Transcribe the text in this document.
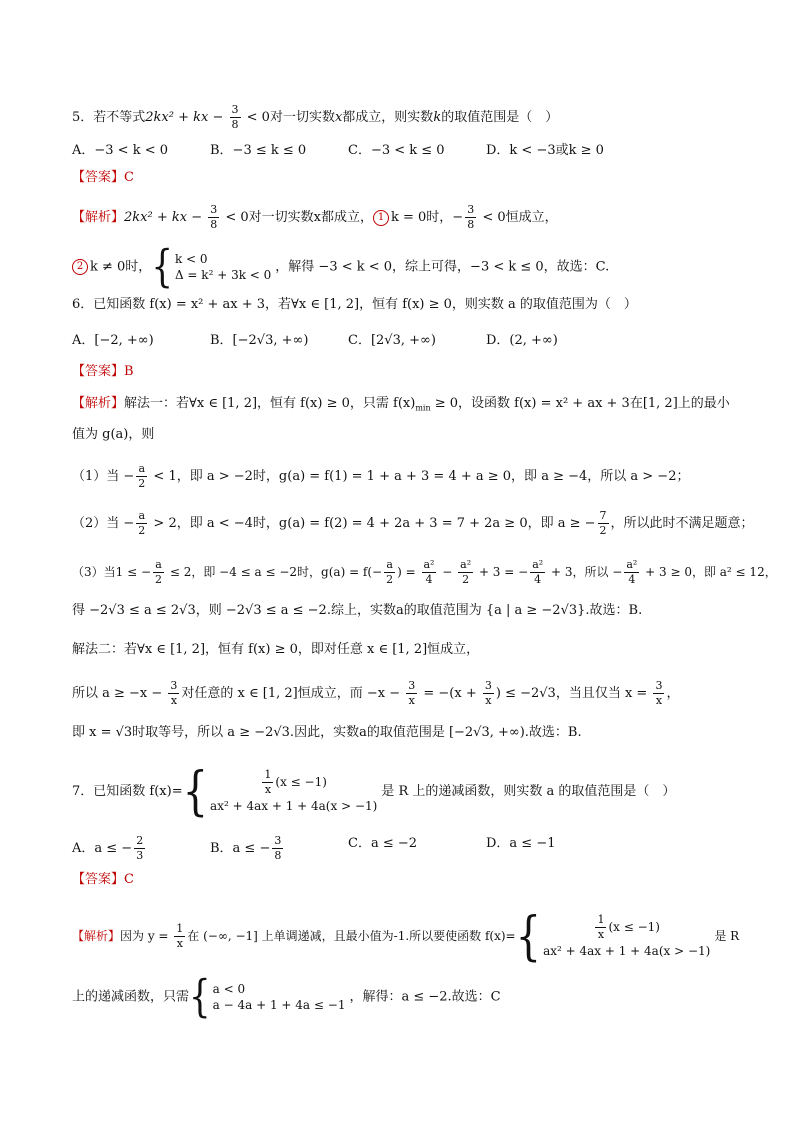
5．若不等式2kx² + kx − $\frac{3}{8} < 0$对一切实数x都成立，则实数k的取值范围是（　）
A．−3 < k < 0	B．−3 ≤ k ≤ 0	C．−3 < k ≤ 0	D．k < −3或k ≥ 0
【答案】C
【解析】2kx² + kx − $\frac{3}{8} < 0$对一切实数x都成立， 1 k = 0时，− $\frac{3}{8} < 0$恒成立，
2 k ≠ 0时，{ k < 0
Δ = k² + 3k < 0
，解得 −3 < k < 0，综上可得，−3 < k ≤ 0，故选：C.
6．已知函数 f(x) = x² + ax + 3，若∀x ∈ [1, 2]，恒有 f(x) ≥ 0，则实数 a 的取值范围为（　）
A．[−2, +∞)	B．[−2√3, +∞)	C．[2√3, +∞)	D．(2, +∞)
【答案】B
【解析】解法一：若∀x ∈ [1, 2]，恒有 f(x) ≥ 0，只需 $f(x)_{min} \ge 0$，设函数 f(x) = x² + ax + 3在[1, 2]上的最小
值为 g(a)，则
（1）当 − $\frac{a}{2} < 1$，即 a > −2时，g(a) = f(1) = 1 + a + 3 = 4 + a ≥ 0，即 a ≥ −4，所以 a > −2；
（2）当 − $\frac{a}{2} > 2$，即 a < −4时，g(a) = f(2) = 4 + 2a + 3 = 7 + 2a ≥ 0，即 a ≥ − $\frac{7}{2}$ ，所以此时不满足题意；
（3）当1 ≤ − $\frac{a}{2} \le 2$，即 −4 ≤ a ≤ −2时，$g(a) = f(- \frac{a}{2}$ ) = $\frac{\text{a²}}{4} - \frac{\text{a²}}{2} + 3$ = − $\frac{\text{a²}}{4} + 3$，所以 − $\frac{\text{a²}}{4} + 3 \ge 0$，即 a² ≤ 12，
得 −2√3 ≤ a ≤ 2√3，则 −2√3 ≤ a ≤ −2.综上，实数a的取值范围为 {a | a ≥ −2√3}.故选：B.
解法二：若∀x ∈ [1, 2]，恒有 f(x) ≥ 0，即对任意 x ∈ [1, 2]恒成立，
所以 $a \ge -x - \frac{3}{x}$ 对任意的 x ∈ [1, 2]恒成立，而 $-x - \frac{3}{x} = -(x + \frac{3}{x}$ ) ≤ −2√3，当且仅当 $x = \frac{3}{x}$ ，
即 x = √3时取等号，所以 a ≥ −2√3.因此，实数a的取值范围是 [−2√3, +∞).故选：B.
7．已知函数 f(x)={	$\frac{1}{x} (x \le -1)$
ax² + 4ax + 1 + 4a(x > −1)
是 R 上的递减函数，则实数 a 的取值范围是（　）
A．a ≤ − $\frac{2}{3}$	B．a ≤ − $\frac{3}{8}$	C．a ≤ −2	D．a ≤ −1
【答案】C
【解析】因为 $y = \frac{1}{x}$ 在 (−∞, −1] 上单调递减，且最小值为-1.所以要使函数 f(x)={	$\frac{1}{x} (x \le -1)$
ax² + 4ax + 1 + 4a(x > −1)
是 R
上的递减函数，只需{ a < 0
a − 4a + 1 + 4a ≤ −1
，解得：a ≤ −2.故选：C
